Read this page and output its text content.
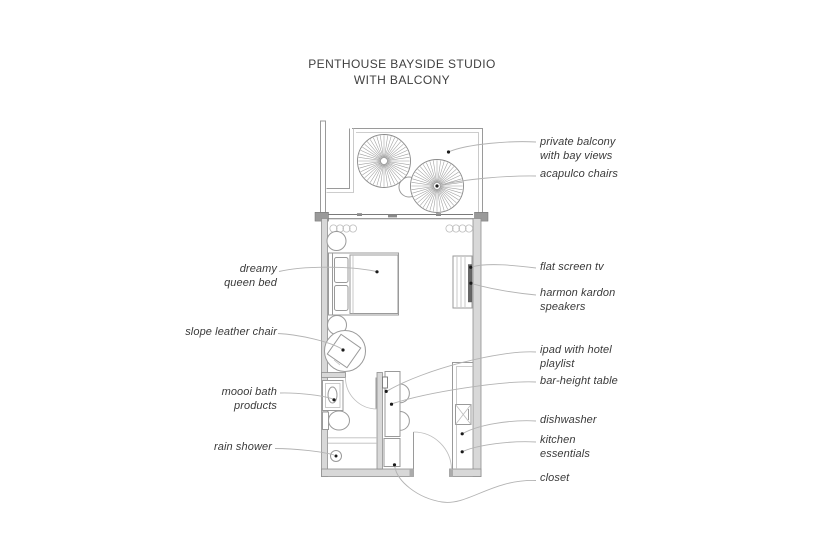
PENTHOUSE BAYSIDE STUDIO
WITH BALCONY
private balcony
with bay views
acapulco chairs
flat screen tv
harmon kardon
speakers
ipad with hotel
playlist
bar-height table
dishwasher
kitchen
essentials
closet
dreamy
queen bed
slope leather chair
moooi bath
products
rain shower
